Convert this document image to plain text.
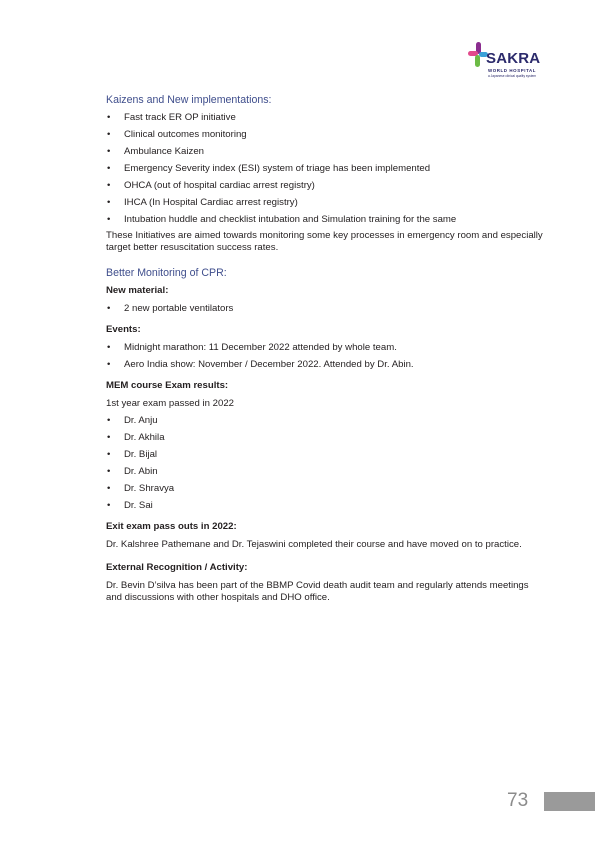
SAKRA
WORLD HOSPITAL
a Japanese clinical quality system
Kaizens and New implementations:
• Fast track ER OP initiative
• Clinical outcomes monitoring
• Ambulance Kaizen
• Emergency Severity index (ESI) system of triage has been implemented
• OHCA (out of hospital cardiac arrest registry)
• IHCA (In Hospital Cardiac arrest registry)
• Intubation huddle and checklist intubation and Simulation training for the same

These Initiatives are aimed towards monitoring some key processes in emergency room and especially target better resuscitation success rates.

Better Monitoring of CPR:
New material:
• 2 new portable ventilators
Events:
• Midnight marathon: 11 December 2022 attended by whole team.
• Aero India show: November / December 2022. Attended by Dr. Abin.
MEM course Exam results:

1st year exam passed in 2022

• Dr. Anju
• Dr. Akhila
• Dr. Bijal
• Dr. Abin
• Dr. Shravya
• Dr. Sai
Exit exam pass outs in 2022:

Dr. Kalshree Pathemane and Dr. Tejaswini completed their course and have moved on to practice.

External Recognition / Activity:

Dr. Bevin D’silva has been part of the BBMP Covid death audit team and regularly attends meetings and discussions with other hospitals and DHO office.

73
